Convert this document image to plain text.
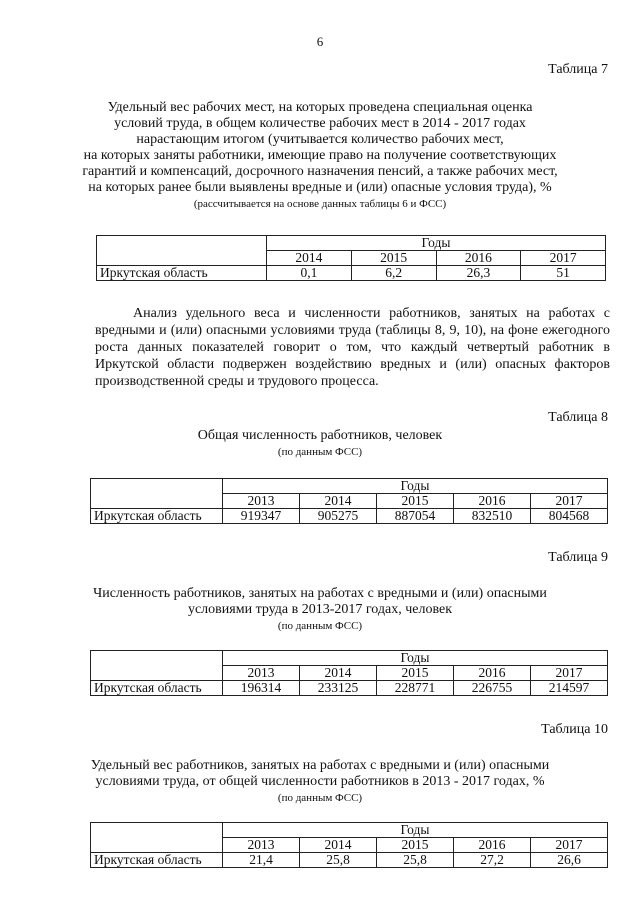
6
Таблица 7
Удельный вес рабочих мест, на которых проведена специальная оценка
условий труда, в общем количестве рабочих мест в 2014 - 2017 годах
нарастающим итогом (учитывается количество рабочих мест,
на которых заняты работники, имеющие право на получение соответствующих
гарантий и компенсаций, досрочного назначения пенсий, а также рабочих мест,
на которых ранее были выявлены вредные и (или) опасные условия труда), %
(рассчитывается на основе данных таблицы 6 и ФСС)
	Годы			
	2014	2015	2016	2017
Иркутская область	0,1	6,2	26,3	51
Анализ удельного веса и численности работников, занятых на работах с вредными и (или) опасными условиями труда (таблицы 8, 9, 10), на фоне ежегодного роста данных показателей говорит о том, что каждый четвертый работник в Иркутской области подвержен воздействию вредных и (или) опасных факторов производственной среды и трудового процесса.
Таблица 8
Общая численность работников, человек
(по данным ФСС)
	Годы				
	2013	2014	2015	2016	2017
Иркутская область	919347	905275	887054	832510	804568
Таблица 9
Численность работников, занятых на работах с вредными и (или) опасными
условиями труда в 2013-2017 годах, человек
(по данным ФСС)
	Годы				
	2013	2014	2015	2016	2017
Иркутская область	196314	233125	228771	226755	214597
Таблица 10
Удельный вес работников, занятых на работах с вредными и (или) опасными
условиями труда, от общей численности работников в 2013 - 2017 годах, %
(по данным ФСС)
	Годы				
	2013	2014	2015	2016	2017
Иркутская область	21,4	25,8	25,8	27,2	26,6
